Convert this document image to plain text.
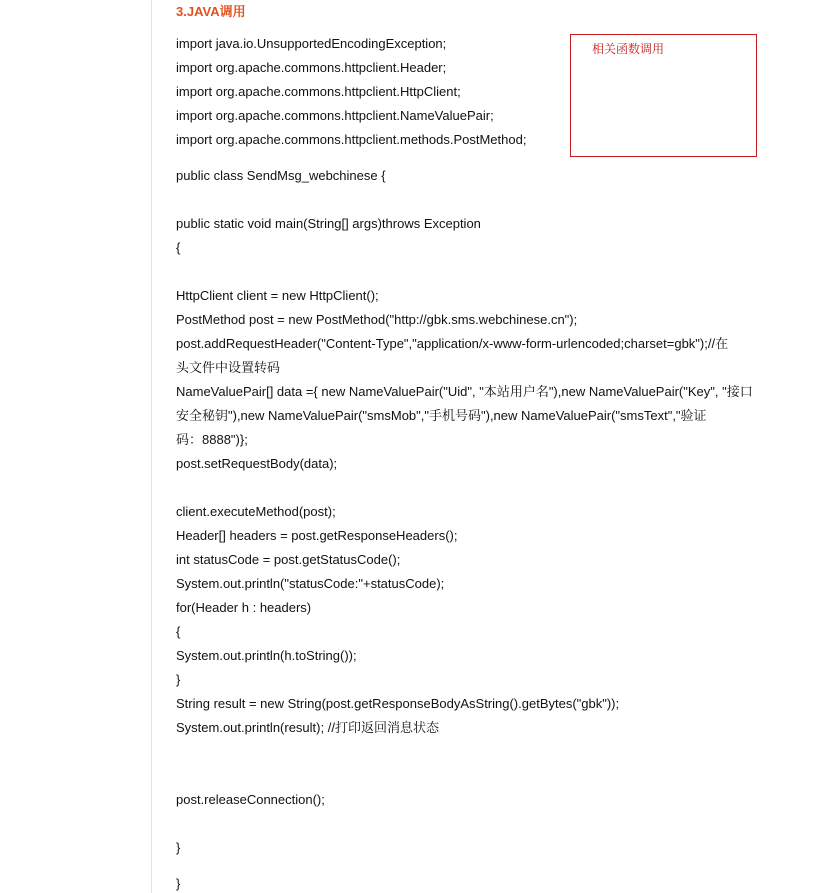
3.JAVA调用
import java.io.UnsupportedEncodingException;
import org.apache.commons.httpclient.Header;
import org.apache.commons.httpclient.HttpClient;
import org.apache.commons.httpclient.NameValuePair;
import org.apache.commons.httpclient.methods.PostMethod;
public class SendMsg_webchinese {
public static void main(String[] args)throws Exception
{
HttpClient client = new HttpClient();
PostMethod post = new PostMethod("http://gbk.sms.webchinese.cn");
post.addRequestHeader("Content-Type","application/x-www-form-urlencoded;charset=gbk");//在
头文件中设置转码
NameValuePair[] data ={ new NameValuePair("Uid", "本站用户名"),new NameValuePair("Key", "接口
安全秘钥"),new NameValuePair("smsMob","手机号码"),new NameValuePair("smsText","验证
码：8888")};
post.setRequestBody(data);
client.executeMethod(post);
Header[] headers = post.getResponseHeaders();
int statusCode = post.getStatusCode();
System.out.println("statusCode:"+statusCode);
for(Header h : headers)
{
System.out.println(h.toString());
}
String result = new String(post.getResponseBodyAsString().getBytes("gbk"));
System.out.println(result); //打印返回消息状态
post.releaseConnection();
}
}
相关函数调用
